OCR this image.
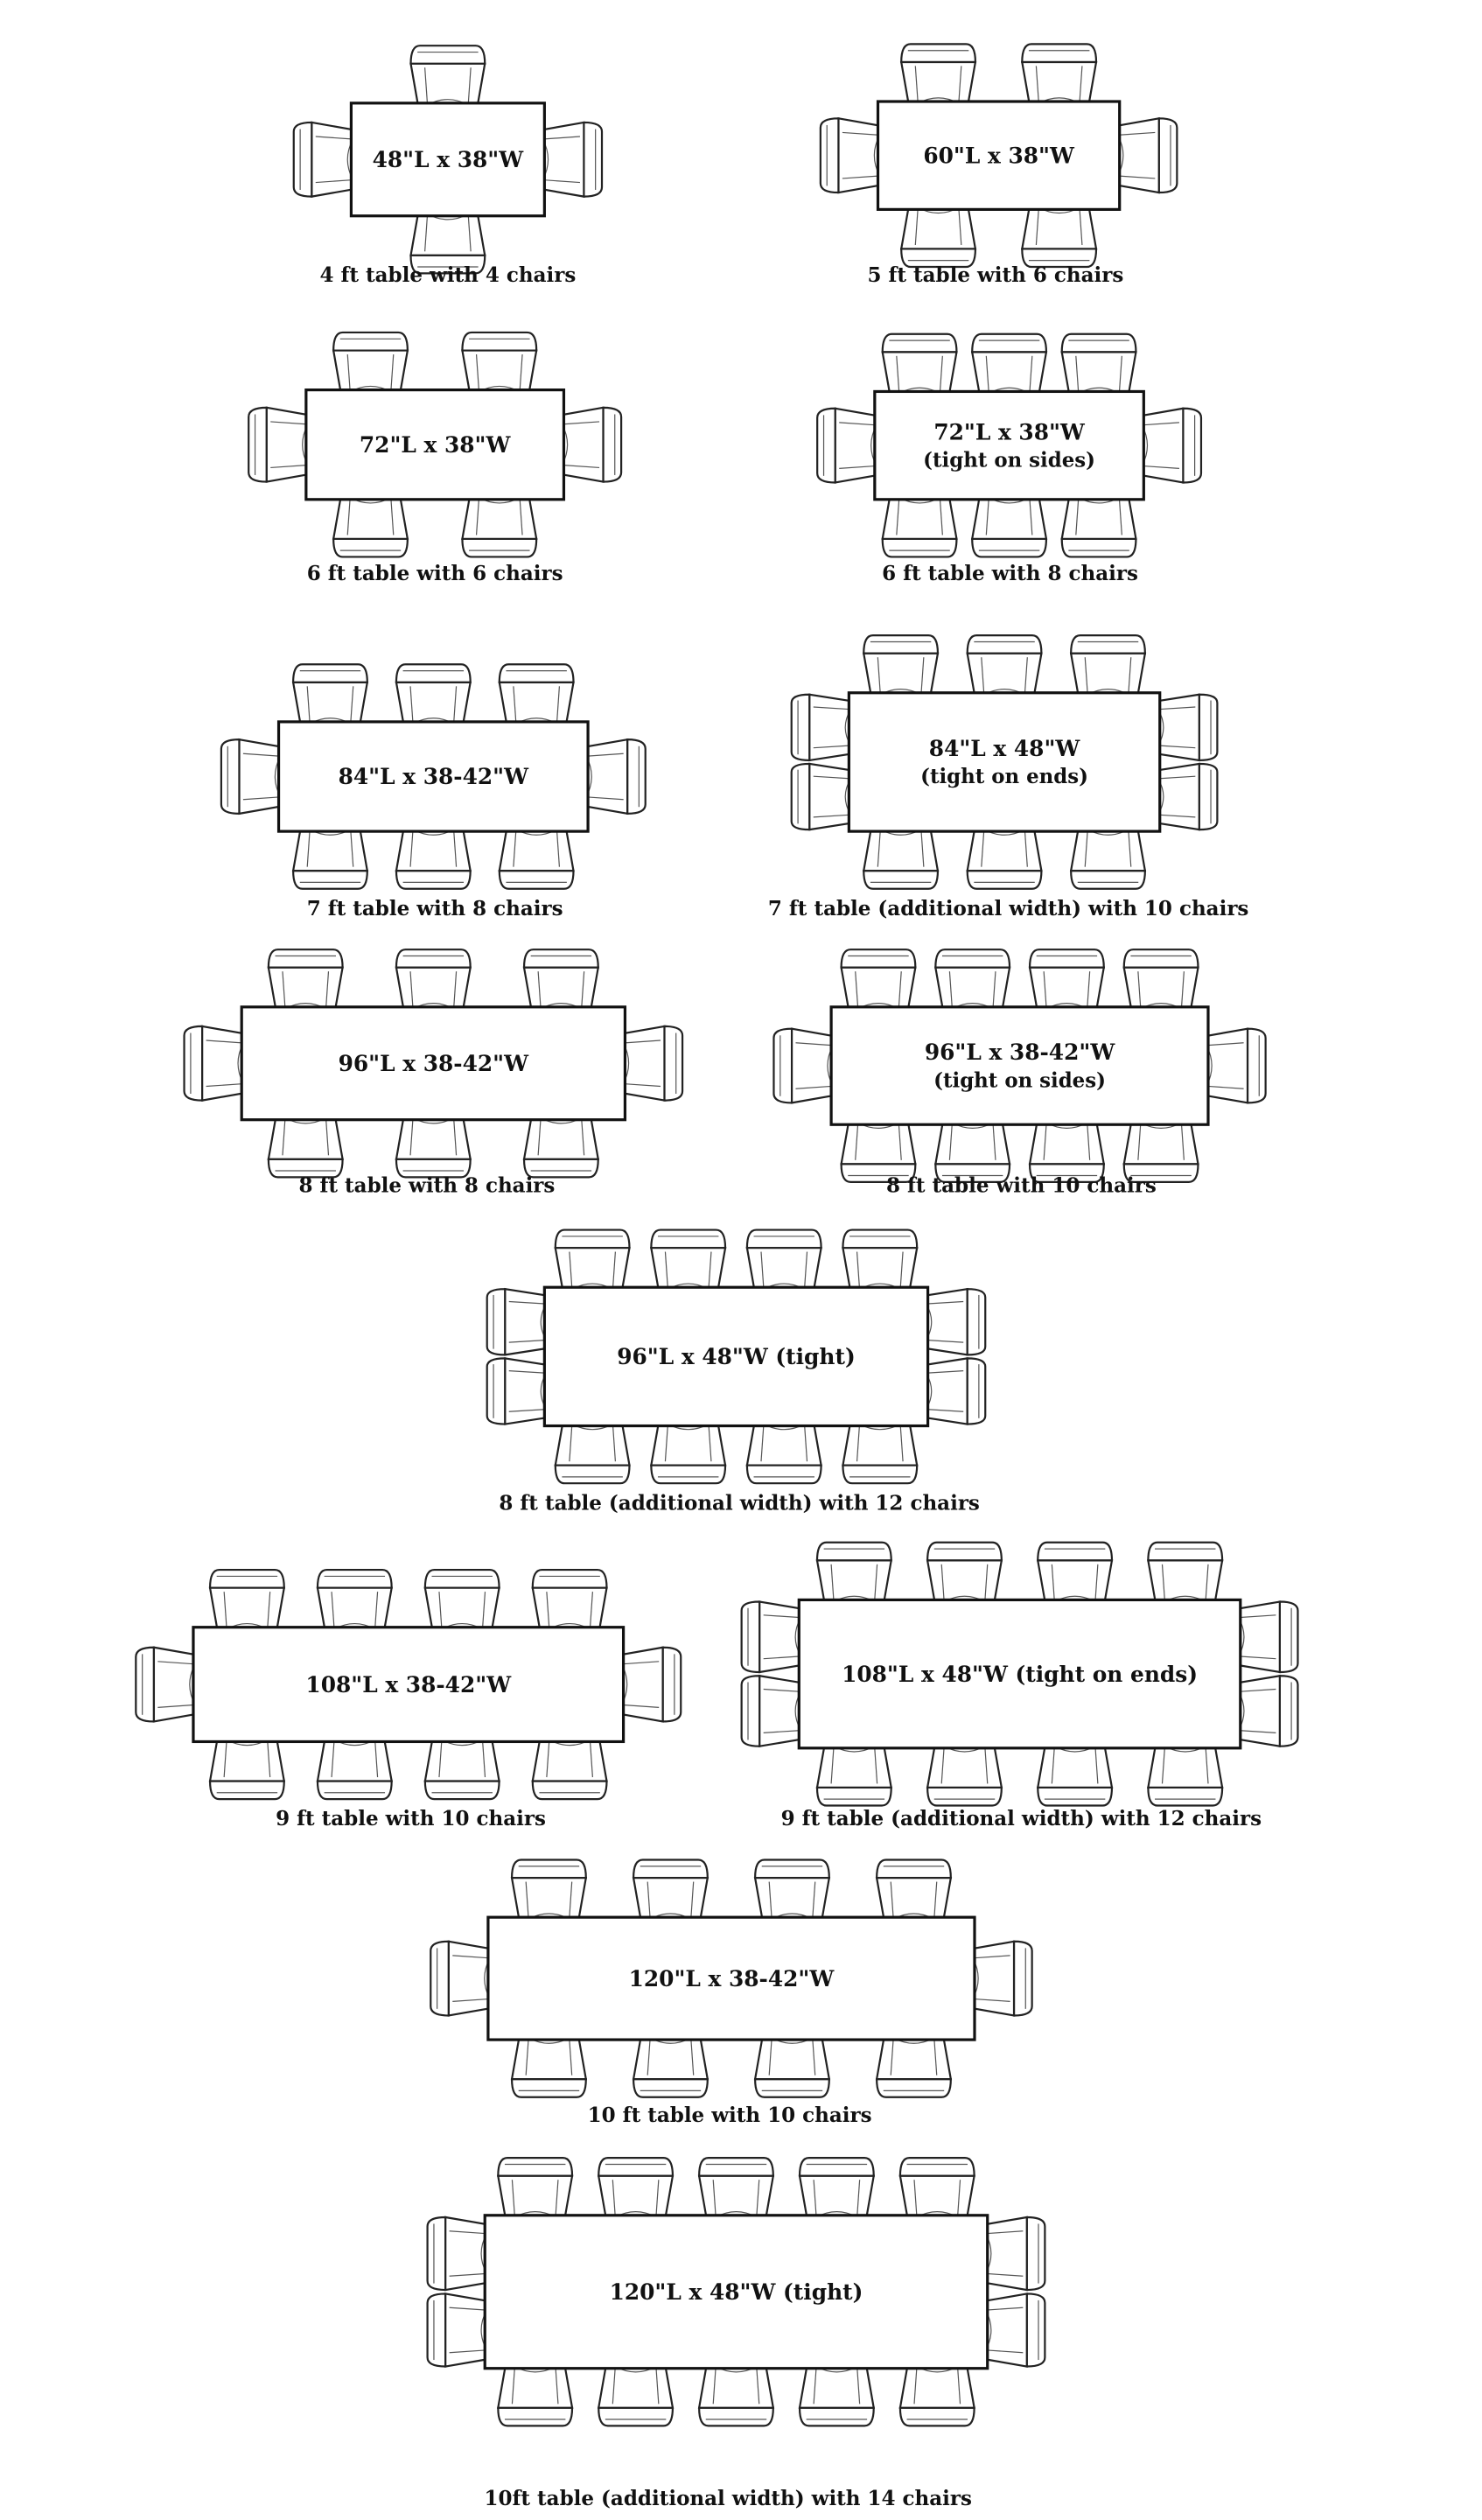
48"L x 38"W
4 ft table with 4 chairs
60"L x 38"W
5 ft table with 6 chairs
72"L x 38"W
6 ft table with 6 chairs
72"L x 38"W
(tight on sides)
6 ft table with 8 chairs
84"L x 38-42"W
7 ft table with 8 chairs
84"L x 48"W
(tight on ends)
7 ft table (additional width) with 10 chairs
96"L x 38-42"W
8 ft table with 8 chairs
96"L x 38-42"W
(tight on sides)
8 ft table with 10 chairs
96"L x 48"W (tight)
8 ft table (additional width) with 12 chairs
108"L x 38-42"W
9 ft table with 10 chairs
108"L x 48"W (tight on ends)
9 ft table (additional width) with 12 chairs
120"L x 38-42"W
10 ft table with 10 chairs
120"L x 48"W (tight)
10ft table (additional width) with 14 chairs
